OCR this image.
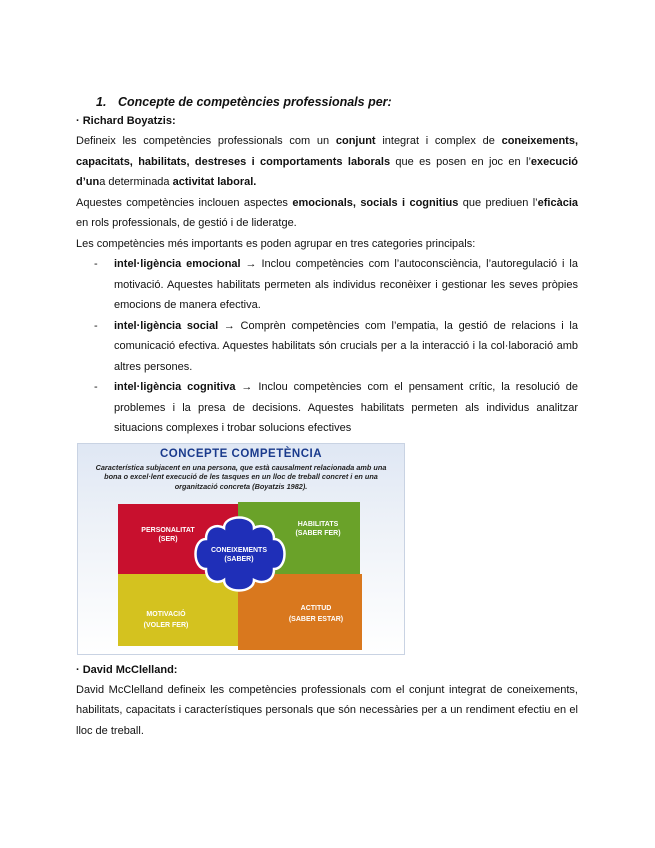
1. Concepte de competències professionals per:

· Richard Boyatzis:

Defineix les competències professionals com un conjunt integrat i complex de coneixements, capacitats, habilitats, destreses i comportaments laborals que es posen en joc en l’execució d’una determinada activitat laboral.

Aquestes competències inclouen aspectes emocionals, socials i cognitius que prediuen l’eficàcia en rols professionals, de gestió i de lideratge.

Les competències més importants es poden agrupar en tres categories principals:

- intel·ligència emocional → Inclou competències com l’autoconsciència, l’autoregulació i la motivació. Aquestes habilitats permeten als individus reconèixer i gestionar les seves pròpies emocions de manera efectiva.
- intel·ligència social → Comprèn competències com l’empatia, la gestió de relacions i la comunicació efectiva. Aquestes habilitats són crucials per a la interacció i la col·laboració amb altres persones.
- intel·ligència cognitiva → Inclou competències com el pensament crític, la resolució de problemes i la presa de decisions. Aquestes habilitats permeten als individus analitzar situacions complexes i trobar solucions efectives
PERSONALITAT
(SER)
HABILITATS
(SABER FER)
CONEIXEMENTS
(SABER)
MOTIVACIÓ
(VOLER FER)
ACTITUD
(SABER ESTAR)
CONCEPTE COMPETÈNCIA
Característica subjacent en una persona, que està causalment relacionada amb una bona o excel·lent execució de les tasques en un lloc de treball concret i en una organització concreta (Boyatzis 1982).

· David McClelland:

David McClelland defineix les competències professionals com el conjunt integrat de coneixements, habilitats, capacitats i característiques personals que són necessàries per a un rendiment efectiu en el lloc de treball.
